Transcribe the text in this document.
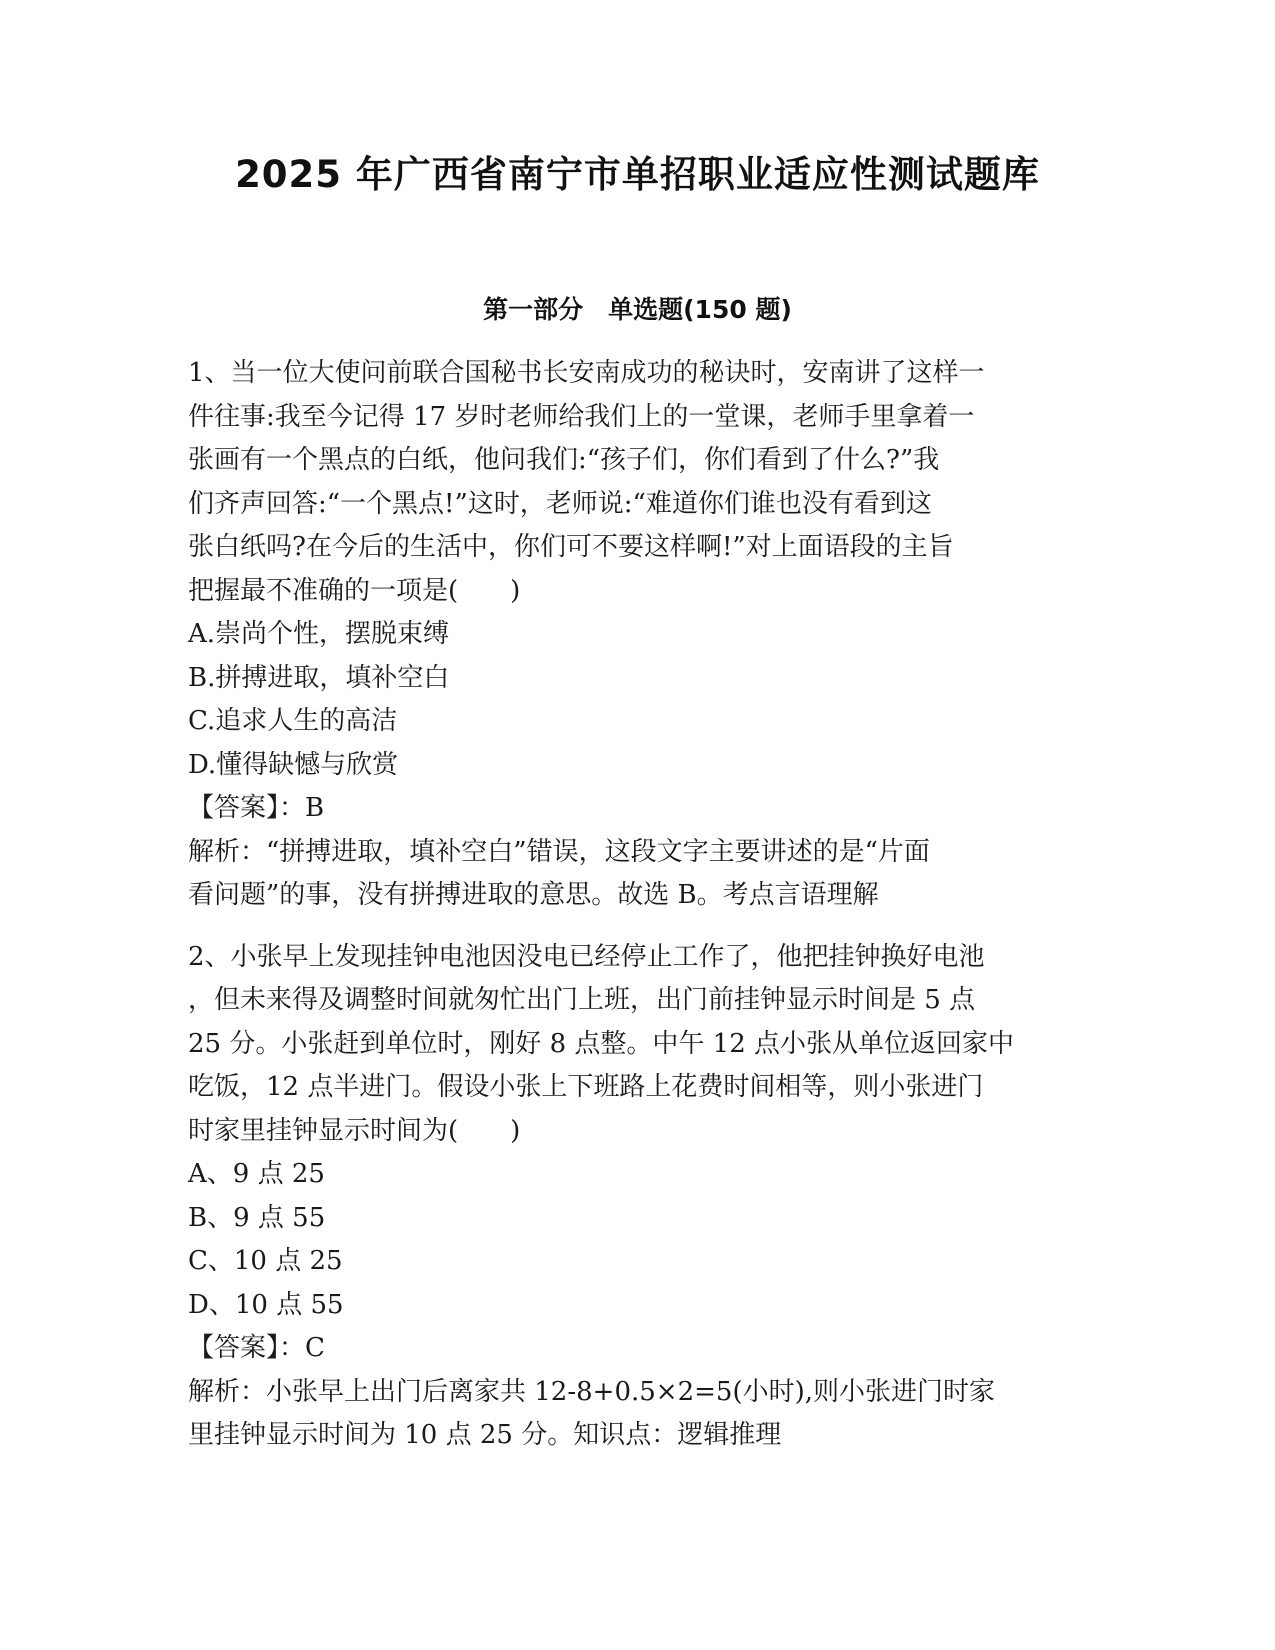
2025 年广西省南宁市单招职业适应性测试题库
第一部分　单选题(150 题)
1、当一位大使问前联合国秘书长安南成功的秘诀时，安南讲了这样一
件往事:我至今记得 17 岁时老师给我们上的一堂课，老师手里拿着一
张画有一个黑点的白纸，他问我们:“孩子们，你们看到了什么?”我
们齐声回答:“一个黑点!”这时，老师说:“难道你们谁也没有看到这
张白纸吗?在今后的生活中，你们可不要这样啊!”对上面语段的主旨
把握最不准确的一项是(　　)
A.崇尚个性，摆脱束缚
B.拼搏进取，填补空白
C.追求人生的高洁
D.懂得缺憾与欣赏
【答案】：B
解析：“拼搏进取，填补空白”错误，这段文字主要讲述的是“片面
看问题”的事，没有拼搏进取的意思。故选 B。考点言语理解
2、小张早上发现挂钟电池因没电已经停止工作了，他把挂钟换好电池
，但未来得及调整时间就匆忙出门上班，出门前挂钟显示时间是 5 点
25 分。小张赶到单位时，刚好 8 点整。中午 12 点小张从单位返回家中
吃饭，12 点半进门。假设小张上下班路上花费时间相等，则小张进门
时家里挂钟显示时间为(　　)
A、9 点 25
B、9 点 55
C、10 点 25
D、10 点 55
【答案】：C
解析：小张早上出门后离家共 12-8+0.5×2=5(小时),则小张进门时家
里挂钟显示时间为 10 点 25 分。知识点：逻辑推理
